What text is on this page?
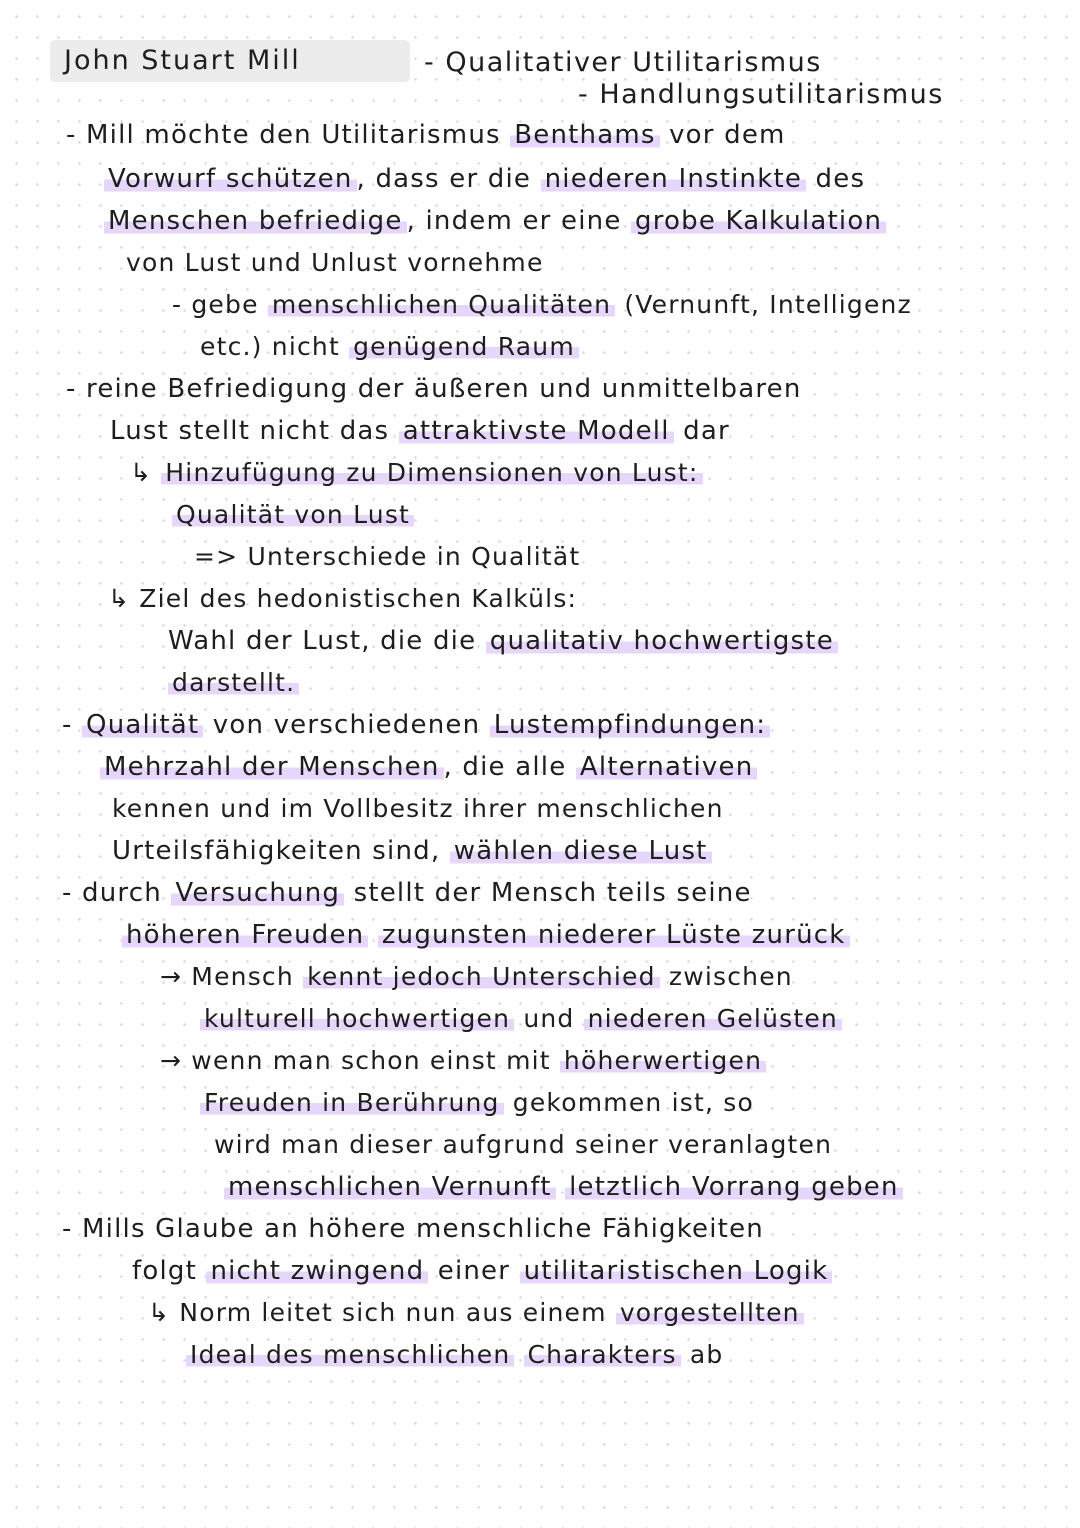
John Stuart Mill	- Qualitativer Utilitarismus
- Handlungsutilitarismus
- Mill möchte den Utilitarismus Benthams vor dem
Vorwurf schützen , dass er die niederen Instinkte des
Menschen befriedige , indem er eine grobe Kalkulation
von Lust und Unlust vornehme
- gebe menschlichen Qualitäten (Vernunft, Intelligenz
etc.) nicht genügend Raum
- reine Befriedigung der äußeren und unmittelbaren
Lust stellt nicht das attraktivste Modell dar
↳ Hinzufügung zu Dimensionen von Lust:
Qualität von Lust
=> Unterschiede in Qualität
↳ Ziel des hedonistischen Kalküls:
Wahl der Lust, die die qualitativ hochwertigste
darstellt.
- Qualität von verschiedenen Lustempfindungen:
Mehrzahl der Menschen , die alle Alternativen
kennen und im Vollbesitz ihrer menschlichen
Urteilsfähigkeiten sind, wählen diese Lust
- durch Versuchung stellt der Mensch teils seine
höheren Freuden zugunsten niederer Lüste zurück
→ Mensch kennt jedoch Unterschied zwischen
kulturell hochwertigen und niederen Gelüsten
→ wenn man schon einst mit höherwertigen
Freuden in Berührung gekommen ist, so
wird man dieser aufgrund seiner veranlagten
menschlichen Vernunft letztlich Vorrang geben
- Mills Glaube an höhere menschliche Fähigkeiten
folgt nicht zwingend einer utilitaristischen Logik
↳ Norm leitet sich nun aus einem vorgestellten
Ideal des menschlichen Charakters ab
